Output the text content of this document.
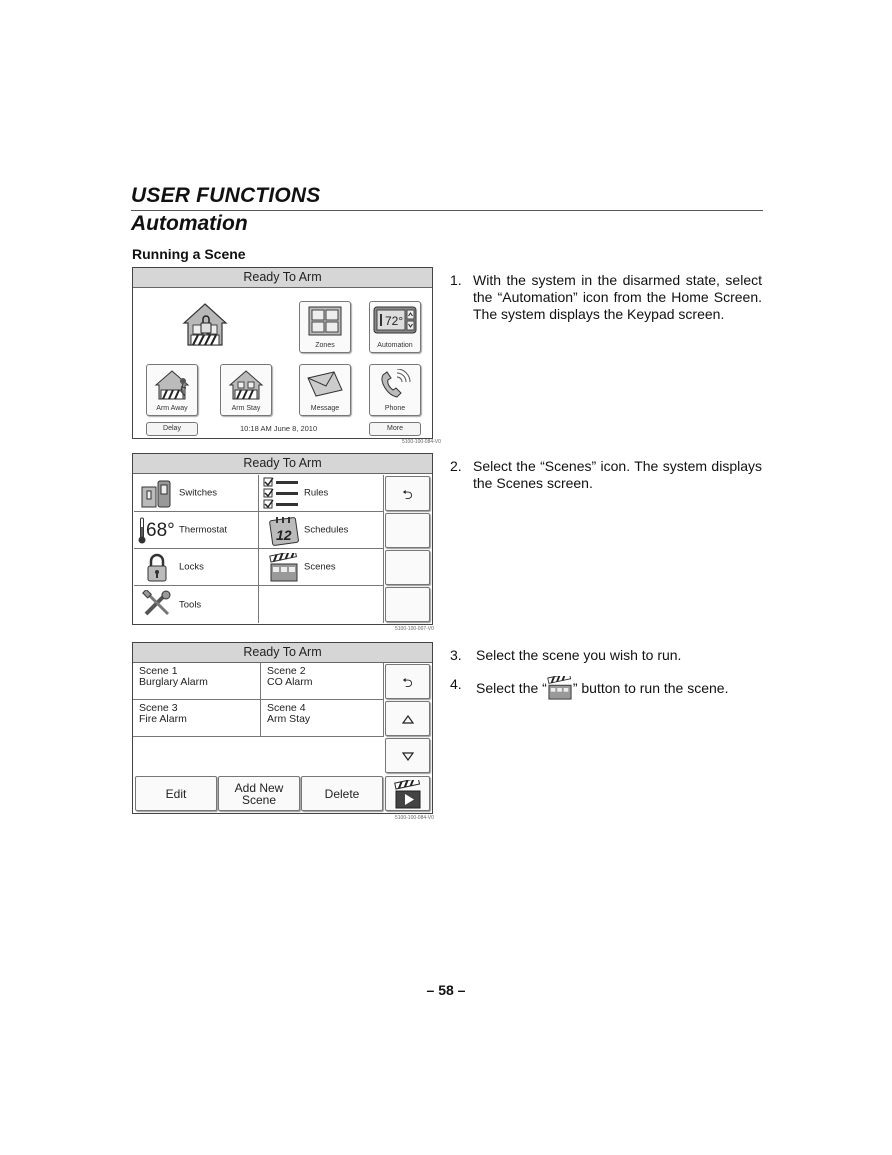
USER FUNCTIONS
Automation
Running a Scene
Ready To Arm
Zones
72°
Automation
Arm Away	Arm Stay	Message	Phone
Delay	10:18 AM June 8, 2010	More
5100-100-084-V0
Ready To Arm
Switches
68° Thermostat
Locks
Tools
Rules
12 Schedules
Scenes
⮌
5100-100-007-V0
Ready To Arm
Scene 1
Burglary Alarm
Scene 2
CO Alarm
Scene 3
Fire Alarm
Scene 4
Arm Stay
⮌
Edit	Add New
Scene	Delete
5100-100-084-V0
1. With the system in the disarmed state, select the “Automation” icon from the Home Screen. The system displays the Keypad screen.
2. Select the “Scenes” icon. The system displays the Scenes screen.
3. Select the scene you wish to run.
4. Select the “ ” button to run the scene.
– 58 –
